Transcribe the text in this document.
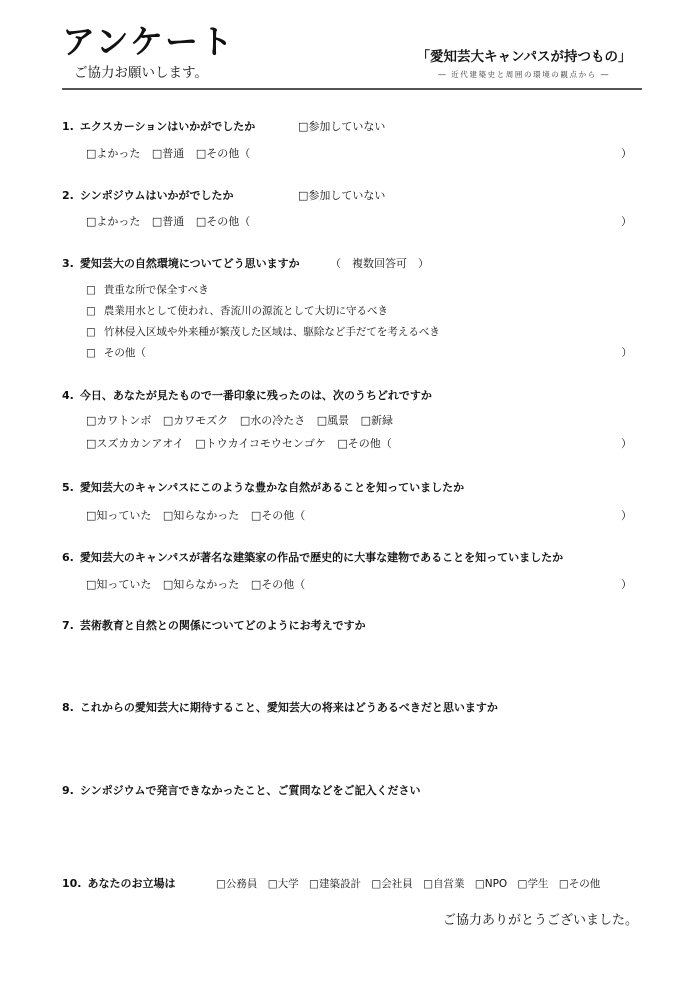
アンケート
ご協力お願いします。
「愛知芸大キャンパスが持つもの」
― 近代建築史と周囲の環境の観点から ―
1. エクスカーションはいかがでしたか	□参加していない
□よかった □普通 □その他（	）
2. シンポジウムはいかがでしたか	□参加していない
□よかった □普通 □その他（	）
3. 愛知芸大の自然環境についてどう思いますか	（　複数回答可　）
□ 貴重な所で保全すべき
□ 農業用水として使われ、香流川の源流として大切に守るべき
□ 竹林侵入区域や外来種が繁茂した区域は、駆除など手だてを考えるべき
□ その他（	）
4. 今日、あなたが見たもので一番印象に残ったのは、次のうちどれですか
□カワトンボ □カワモズク □水の冷たさ □風景 □新緑
□スズカカンアオイ □トウカイコモウセンゴケ □その他（	）
5. 愛知芸大のキャンパスにこのような豊かな自然があることを知っていましたか
□知っていた □知らなかった □その他（	）
6. 愛知芸大のキャンパスが著名な建築家の作品で歴史的に大事な建物であることを知っていましたか
□知っていた □知らなかった □その他（	）
7. 芸術教育と自然との関係についてどのようにお考えですか
8. これからの愛知芸大に期待すること、愛知芸大の将来はどうあるべきだと思いますか
9. シンポジウムで発言できなかったこと、ご質問などをご記入ください
10. あなたのお立場は	□公務員 □大学 □建築設計 □会社員 □自営業 □NPO □学生 □その他
ご協力ありがとうございました。
